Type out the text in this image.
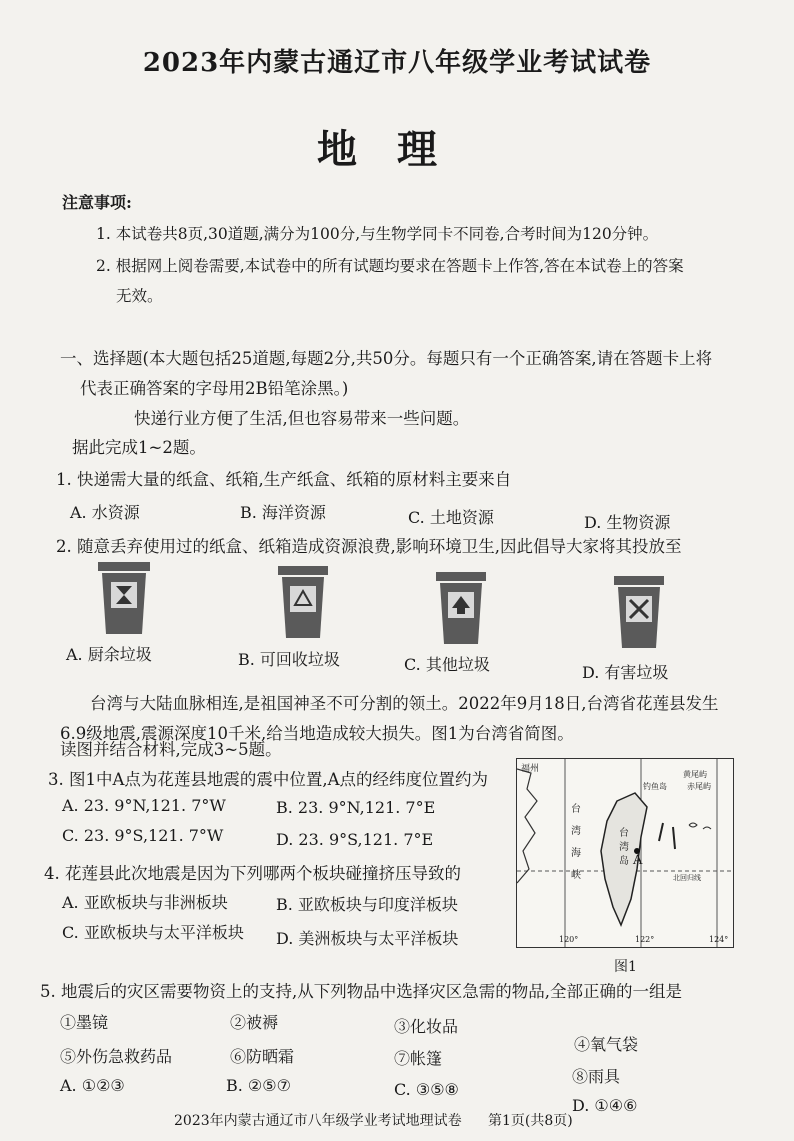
2023年内蒙古通辽市八年级学业考试试卷
地理
注意事项:
1. 本试卷共8页,30道题,满分为100分,与生物学同卡不同卷,合考时间为120分钟。
2. 根据网上阅卷需要,本试卷中的所有试题均要求在答题卡上作答,答在本试卷上的答案
无效。
一、选择题(本大题包括25道题,每题2分,共50分。每题只有一个正确答案,请在答题卡上将
代表正确答案的字母用2B铅笔涂黑。)
快递行业方便了生活,但也容易带来一些问题。
据此完成1~2题。
1. 快递需大量的纸盒、纸箱,生产纸盒、纸箱的原材料主要来自
A. 水资源	B. 海洋资源	C. 土地资源	D. 生物资源
2. 随意丢弃使用过的纸盒、纸箱造成资源浪费,影响环境卫生,因此倡导大家将其投放至
A. 厨余垃圾	B. 可回收垃圾	C. 其他垃圾	D. 有害垃圾
台湾与大陆血脉相连,是祖国神圣不可分割的领土。2022年9月18日,台湾省花莲县发生
6.9级地震,震源深度10千米,给当地造成较大损失。图1为台湾省简图。
读图并结合材料,完成3~5题。
3. 图1中A点为花莲县地震的震中位置,A点的经纬度位置约为
A. 23. 9°N,121. 7°W	B. 23. 9°N,121. 7°E
C. 23. 9°S,121. 7°W	D. 23. 9°S,121. 7°E
4. 花莲县此次地震是因为下列哪两个板块碰撞挤压导致的
A. 亚欧板块与非洲板块	B. 亚欧板块与印度洋板块
C. 亚欧板块与太平洋板块 D. 美洲板块与太平洋板块
福州
黄尾屿
钓鱼岛	赤尾屿
台湾海峡
台湾岛 A
北回归线
120°	122°	124°
图1
5. 地震后的灾区需要物资上的支持,从下列物品中选择灾区急需的物品,全部正确的一组是
①墨镜	②被褥	③化妆品
④氧气袋
⑤外伤急救药品	⑥防晒霜	⑦帐篷
⑧雨具
A. ①②③	B. ②⑤⑦	C. ③⑤⑧
D. ①④⑥
2023年内蒙古通辽市八年级学业考试地理试卷 第1页(共8页)
